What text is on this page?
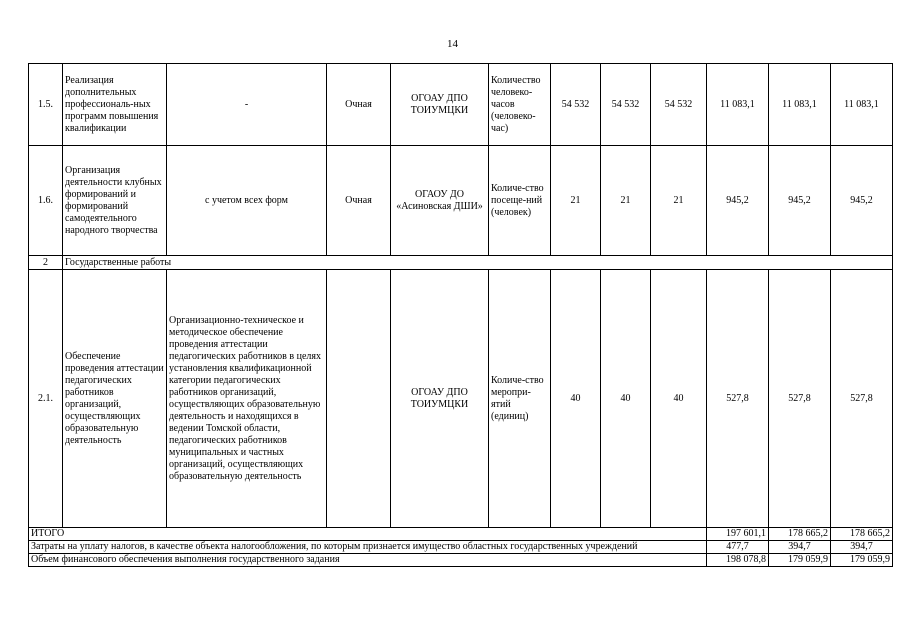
14
1.5.	Реализация дополнительных профессиональ-ных программ повышения квалификации	-	Очная	ОГОАУ ДПО ТОИУМЦКИ	Количество человеко-часов (человеко-час)	54 532	54 532	54 532	11 083,1	11 083,1	11 083,1
1.6.	Организация деятельности клубных формирований и формирований самодеятельного народного творчества	с учетом всех форм	Очная	ОГАОУ ДО «Асиновская ДШИ»	Количе-ство посеще-ний (человек)	21	21	21	945,2	945,2	945,2
2	Государственные работы										
2.1.	Обеспечение проведения аттестации педагогических работников организаций, осуществляющих образовательную деятельность	Организационно-техническое и методическое обеспечение проведения аттестации педагогических работников в целях установления квалификационной категории педагогических работников организаций, осуществляющих образовательную деятельность и находящихся в ведении Томской области, педагогических работников муниципальных и частных организаций, осуществляющих образовательную деятельность		ОГОАУ ДПО ТОИУМЦКИ	Количе-ство меропри-ятий (единиц)	40	40	40	527,8	527,8	527,8
ИТОГО									197 601,1	178 665,2	178 665,2
Затраты на уплату налогов, в качестве объекта налогообложения, по которым признается имущество областных государственных учреждений									477,7	394,7	394,7
Объем финансового обеспечения выполнения государственного задания									198 078,8	179 059,9	179 059,9
